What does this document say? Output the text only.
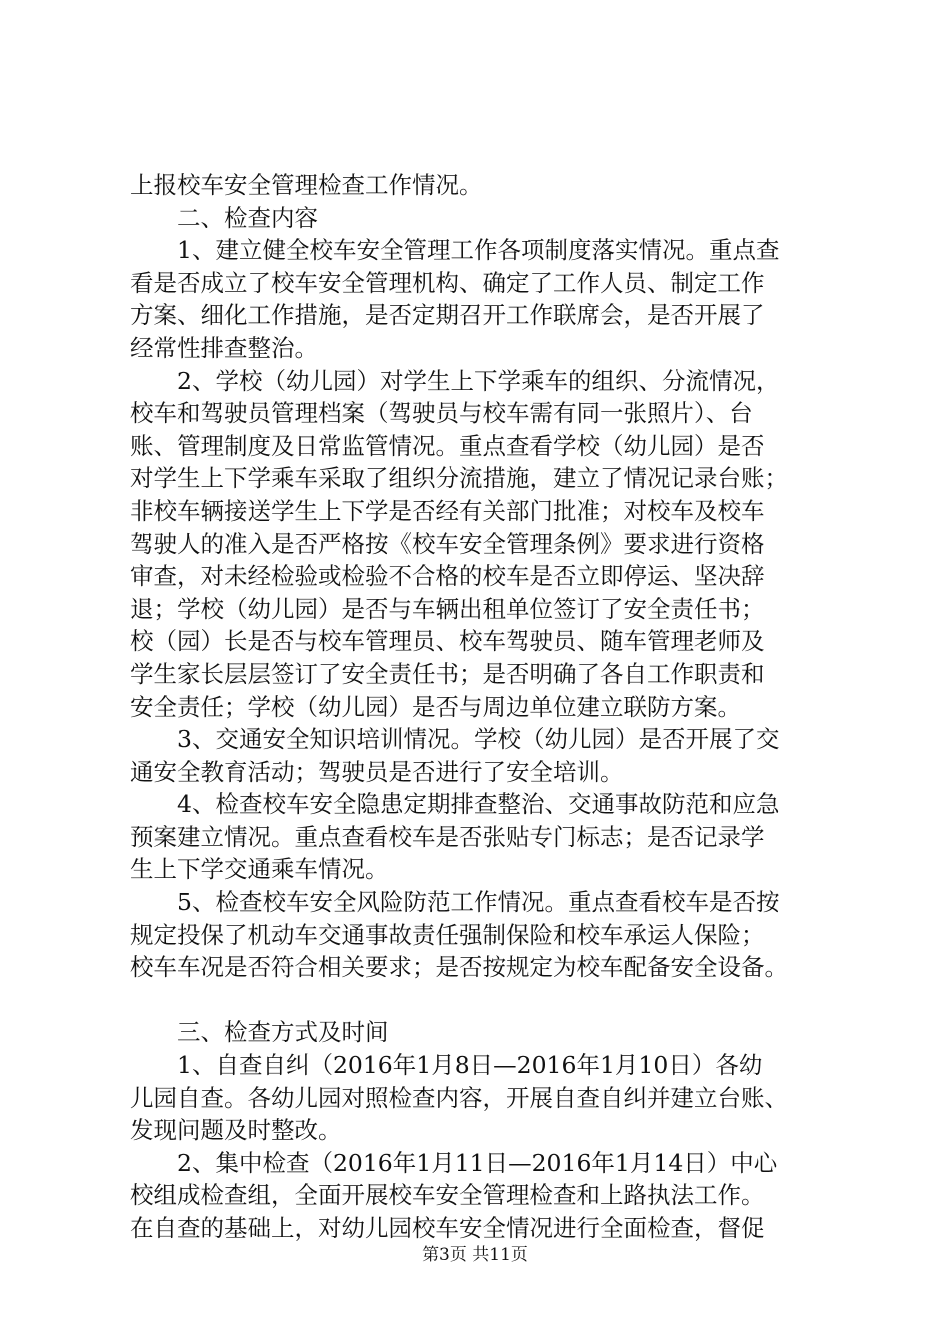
上报校车安全管理检查工作情况。
二、检查内容
1、建立健全校车安全管理工作各项制度落实情况。重点查
看是否成立了校车安全管理机构、确定了工作人员、制定工作
方案、细化工作措施，是否定期召开工作联席会，是否开展了
经常性排查整治。
2、学校（幼儿园）对学生上下学乘车的组织、分流情况，
校车和驾驶员管理档案（驾驶员与校车需有同一张照片）、台
账、管理制度及日常监管情况。重点查看学校（幼儿园）是否
对学生上下学乘车采取了组织分流措施，建立了情况记录台账；
非校车辆接送学生上下学是否经有关部门批准；对校车及校车
驾驶人的准入是否严格按《校车安全管理条例》要求进行资格
审查，对未经检验或检验不合格的校车是否立即停运、坚决辞
退；学校（幼儿园）是否与车辆出租单位签订了安全责任书；
校（园）长是否与校车管理员、校车驾驶员、随车管理老师及
学生家长层层签订了安全责任书；是否明确了各自工作职责和
安全责任；学校（幼儿园）是否与周边单位建立联防方案。
3、交通安全知识培训情况。学校（幼儿园）是否开展了交
通安全教育活动；驾驶员是否进行了安全培训。
4、检查校车安全隐患定期排查整治、交通事故防范和应急
预案建立情况。重点查看校车是否张贴专门标志；是否记录学
生上下学交通乘车情况。
5、检查校车安全风险防范工作情况。重点查看校车是否按
规定投保了机动车交通事故责任强制保险和校车承运人保险；
校车车况是否符合相关要求；是否按规定为校车配备安全设备。
三、检查方式及时间
1、自查自纠（2016年1月8日—2016年1月10日）各幼
儿园自查。各幼儿园对照检查内容，开展自查自纠并建立台账、
发现问题及时整改。
2、集中检查（2016年1月11日—2016年1月14日）中心
校组成检查组，全面开展校车安全管理检查和上路执法工作。
在自查的基础上，对幼儿园校车安全情况进行全面检查，督促
第3页 共11页
